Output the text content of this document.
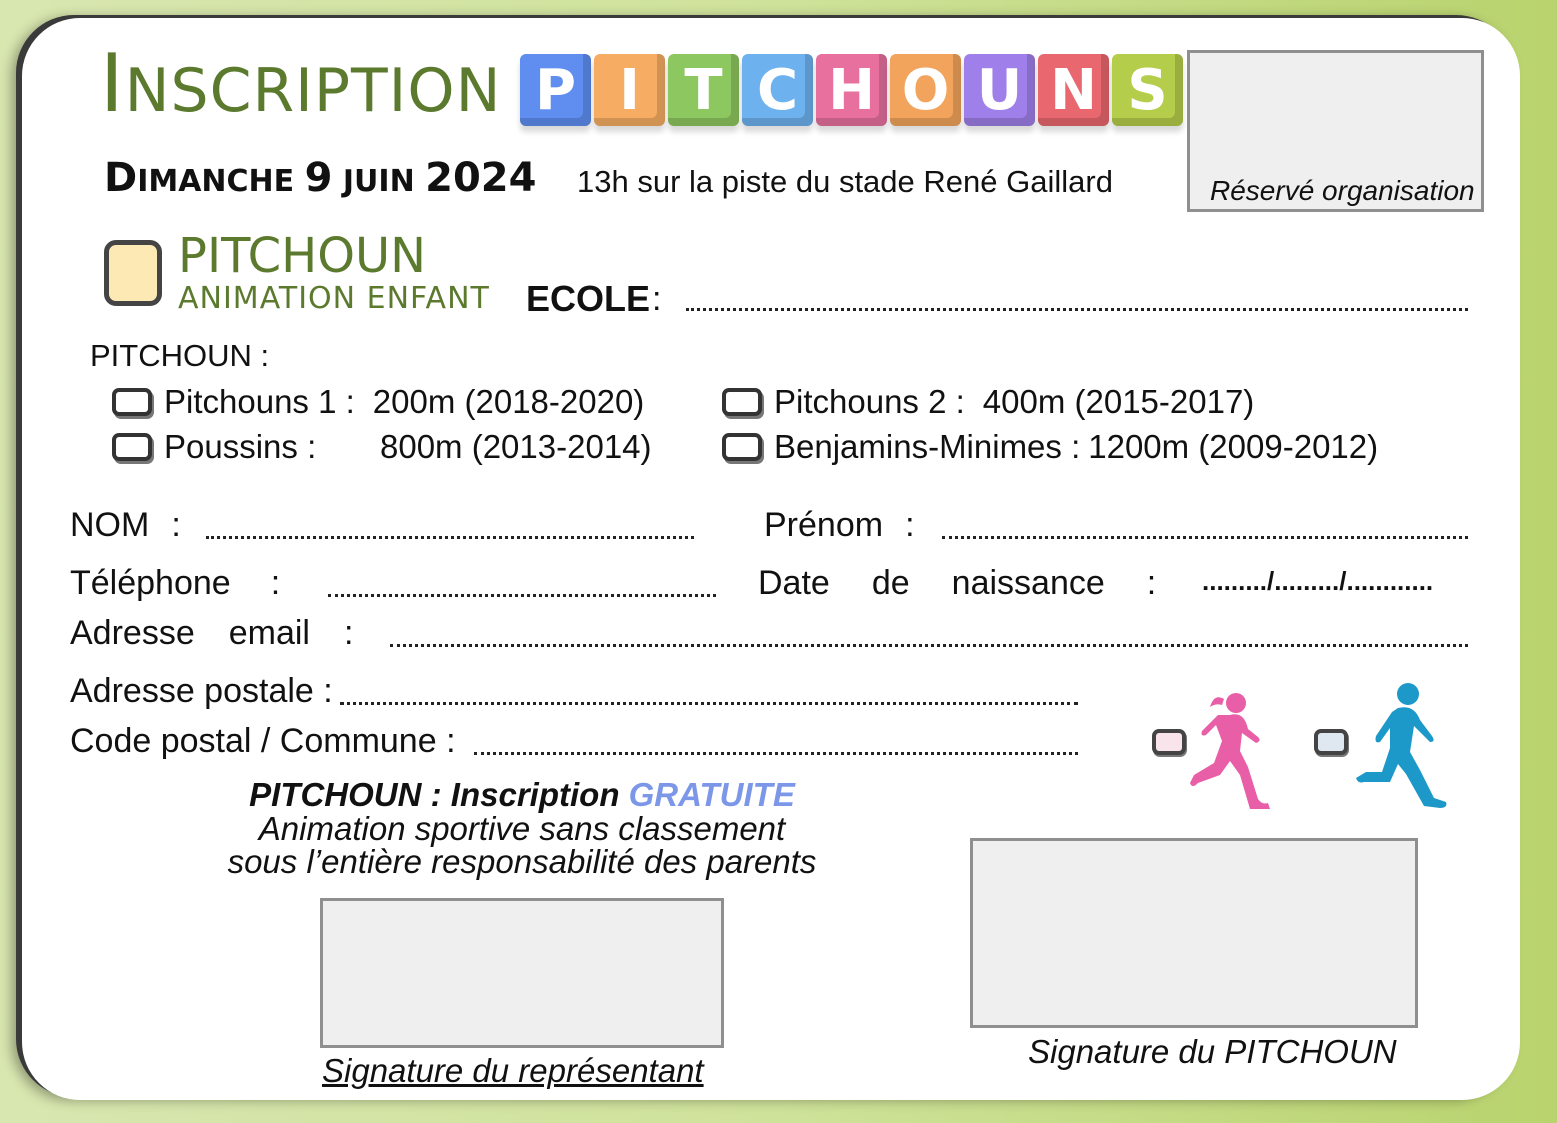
INSCRIPTION P I T C H O U N S
DIMANCHE 9 JUIN 2024 13h sur la piste du stade René Gaillard	Réservé organisation
PITCHOUN
ANIMATION ENFANT ECOLE :
PITCHOUN :
Pitchouns 1 : 200m (2018-2020)	Pitchouns 2 : 400m (2015-2017)
Poussins :	800m (2013-2014)	Benjamins-Minimes : 1200m (2009-2012)
NOM :	Prénom :
Téléphone :	Date de naissance : ........./........./............
Adresse email :
Adresse postale :
Code postal / Commune :
PITCHOUN : Inscription GRATUITE
Animation sportive sans classement
sous l’entière responsabilité des parents
Signature du représentant
Signature du PITCHOUN
